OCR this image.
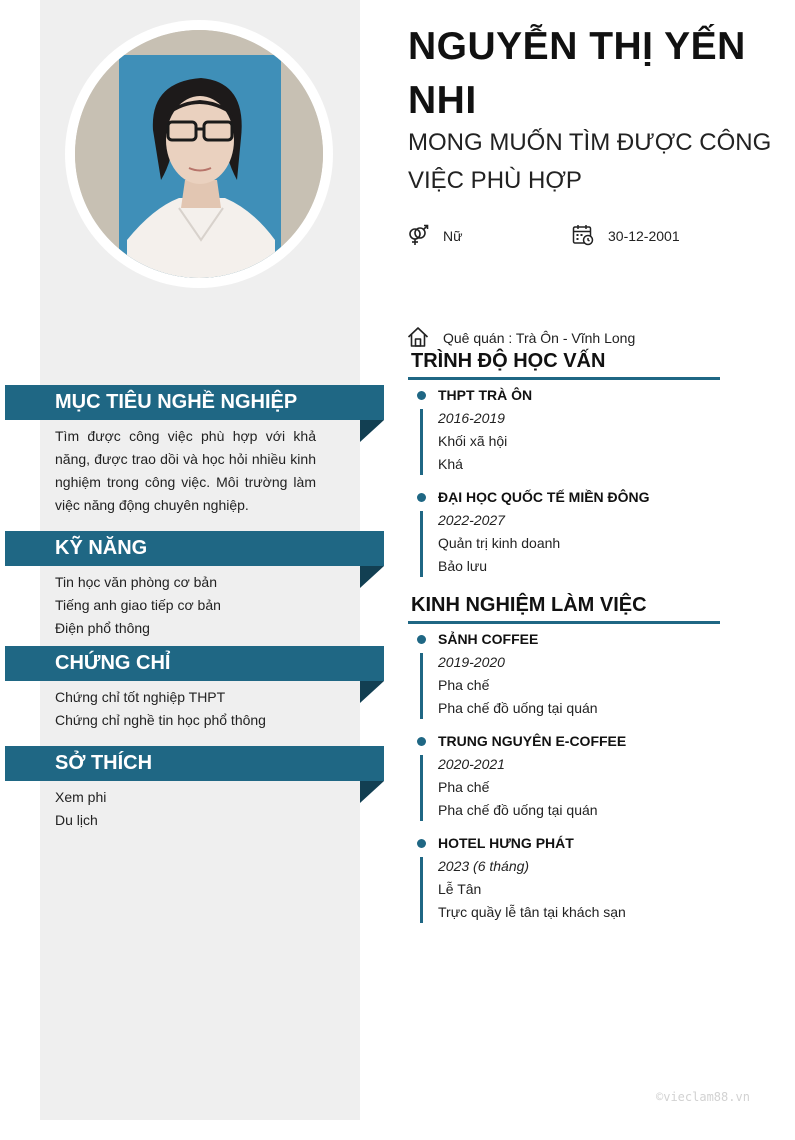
MỤC TIÊU NGHỀ NGHIỆP
Tìm được công việc phù hợp với khả năng, được trao dồi và học hỏi nhiều kinh nghiệm trong công việc. Môi trường làm việc năng động chuyên nghiệp.
KỸ NĂNG
Tin học văn phòng cơ bản
Tiếng anh giao tiếp cơ bản
Điện phổ thông
CHỨNG CHỈ
Chứng chỉ tốt nghiệp THPT
Chứng chỉ nghề tin học phổ thông
SỞ THÍCH
Xem phi
Du lịch
NGUYỄN THỊ YẾN NHI
MONG MUỐN TÌM ĐƯỢC CÔNG VIỆC PHÙ HỢP
Nữ	30-12-2001
Quê quán : Trà Ôn - Vĩnh Long
TRÌNH ĐỘ HỌC VẤN
THPT TRÀ ÔN
2016-2019
Khối xã hội
Khá
ĐẠI HỌC QUỐC TẾ MIỀN ĐÔNG
2022-2027
Quản trị kinh doanh
Bảo lưu
KINH NGHIỆM LÀM VIỆC
SẢNH COFFEE
2019-2020
Pha chế
Pha chế đồ uống tại quán
TRUNG NGUYÊN E-COFFEE
2020-2021
Pha chế
Pha chế đồ uống tại quán
HOTEL HƯNG PHÁT
2023 (6 tháng)
Lễ Tân
Trực quầy lễ tân tại khách sạn
©vieclam88.vn
